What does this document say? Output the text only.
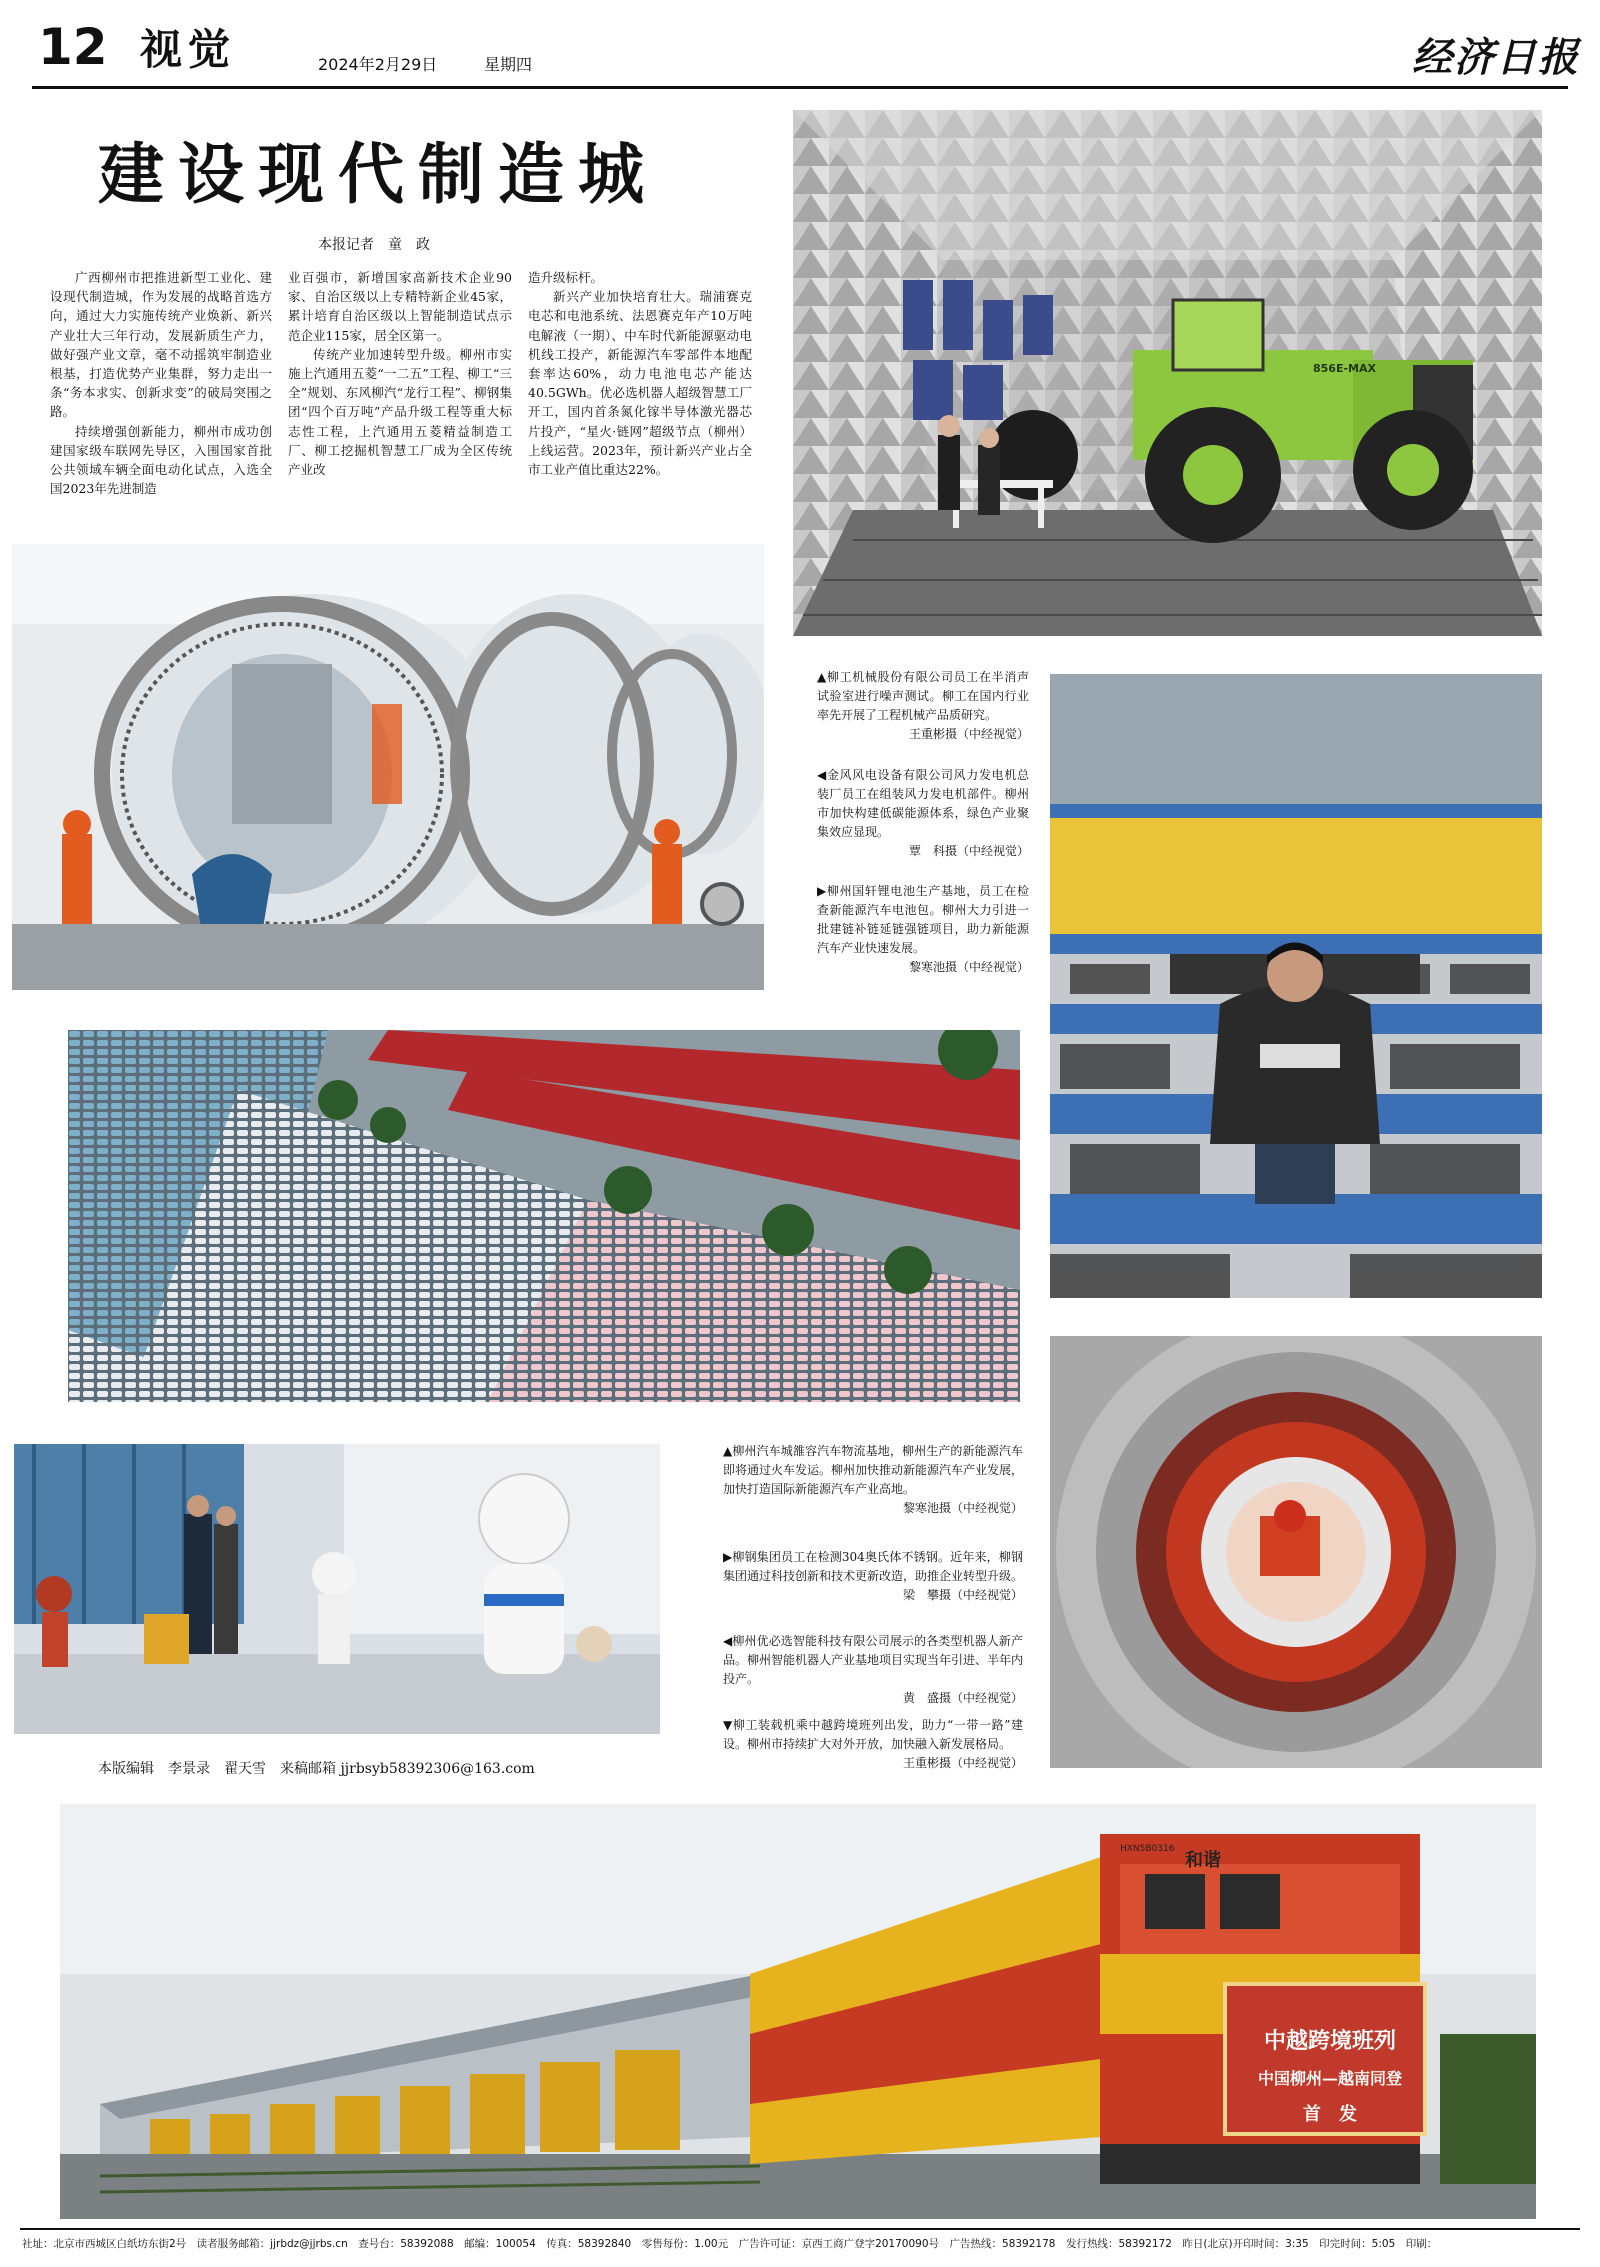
12 视觉	2024年2月29日	星期四	经济日报
建设现代制造城
本报记者　童　政

广西柳州市把推进新型工业化、建设现代制造城，作为发展的战略首选方向，通过大力实施传统产业焕新、新兴产业壮大三年行动，发展新质生产力，做好强产业文章，毫不动摇筑牢制造业根基，打造优势产业集群，努力走出一条“务本求实、创新求变”的破局突围之路。

持续增强创新能力，柳州市成功创建国家级车联网先导区，入围国家首批公共领域车辆全面电动化试点，入选全国2023年先进制造

业百强市，新增国家高新技术企业90家、自治区级以上专精特新企业45家，累计培育自治区级以上智能制造试点示范企业115家，居全区第一。

传统产业加速转型升级。柳州市实施上汽通用五菱“一二五”工程、柳工“三全”规划、东风柳汽“龙行工程”、柳钢集团“四个百万吨”产品升级工程等重大标志性工程，上汽通用五菱精益制造工厂、柳工挖掘机智慧工厂成为全区传统产业改

造升级标杆。

新兴产业加快培育壮大。瑞浦赛克电芯和电池系统、法恩赛克年产10万吨电解液（一期）、中车时代新能源驱动电机线工投产，新能源汽车零部件本地配套率达60%，动力电池电芯产能达40.5GWh。优必选机器人超级智慧工厂开工，国内首条氮化镓半导体激光器芯片投产，“星火·链网”超级节点（柳州）上线运营。2023年，预计新兴产业占全市工业产值比重达22%。

856E-MAX
▲柳工机械股份有限公司员工在半消声试验室进行噪声测试。柳工在国内行业率先开展了工程机械产品质研究。
王重彬摄（中经视觉）
◀金风风电设备有限公司风力发电机总装厂员工在组装风力发电机部件。柳州市加快构建低碳能源体系，绿色产业聚集效应显现。
覃　科摄（中经视觉）
▶柳州国轩锂电池生产基地，员工在检查新能源汽车电池包。柳州大力引进一批建链补链延链强链项目，助力新能源汽车产业快速发展。
黎寒池摄（中经视觉）
▲柳州汽车城雒容汽车物流基地，柳州生产的新能源汽车即将通过火车发运。柳州加快推动新能源汽车产业发展，加快打造国际新能源汽车产业高地。
黎寒池摄（中经视觉）
▶柳钢集团员工在检测304奥氏体不锈钢。近年来，柳钢集团通过科技创新和技术更新改造，助推企业转型升级。
梁　攀摄（中经视觉）
◀柳州优必选智能科技有限公司展示的各类型机器人新产品。柳州智能机器人产业基地项目实现当年引进、半年内投产。
黄　盛摄（中经视觉）
▼柳工装载机乘中越跨境班列出发，助力“一带一路”建设。柳州市持续扩大对外开放，加快融入新发展格局。
王重彬摄（中经视觉）
本版编辑　李景录　翟天雪　来稿邮箱 jjrbsyb58392306@163.com
和谐
HXN5B0316
中越跨境班列
中国柳州—越南同登
首　发
社址：北京市西城区白纸坊东街2号　读者服务邮箱：jjrbdz@jjrbs.cn　查号台：58392088　邮编：100054　传真：58392840　零售每份：1.00元　广告许可证：京西工商广登字20170090号　广告热线：58392178　发行热线：58392172　昨日(北京)开印时间：3:35　印完时间：5:05　印刷：
